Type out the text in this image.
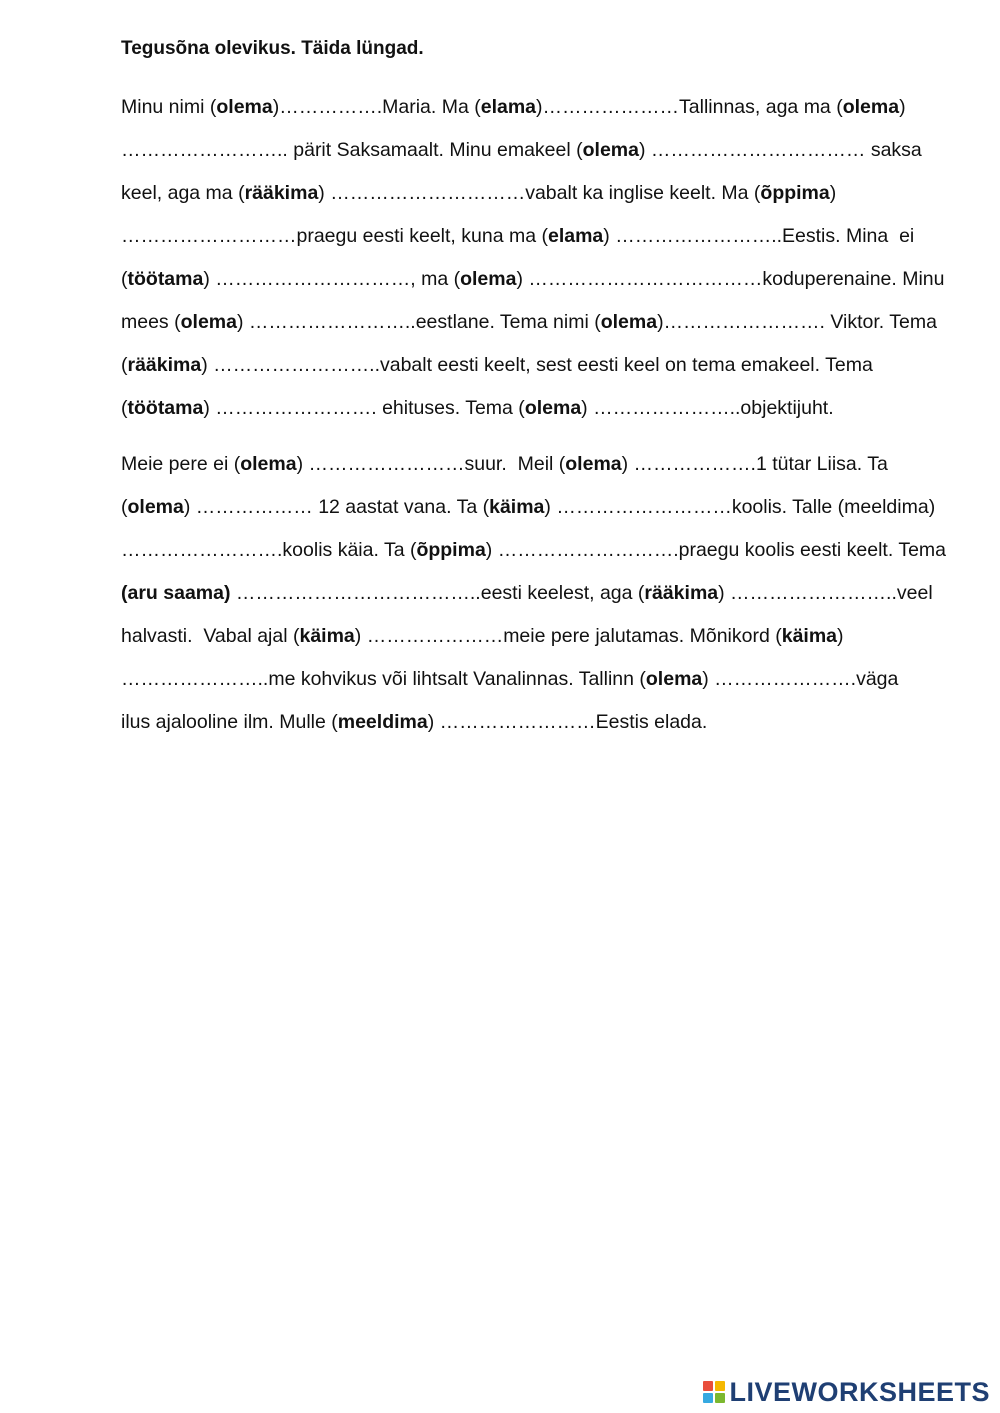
Tegusõna olevikus. Täida lüngad.
Minu nimi (olema)…………….Maria. Ma (elama)…………………Tallinnas, aga ma (olema)
…………………….. pärit Saksamaalt. Minu emakeel (olema) …………………………… saksa
keel, aga ma (rääkima) …………………………vabalt ka inglise keelt. Ma (õppima)
………………………praegu eesti keelt, kuna ma (elama) ……………………..Eestis. Mina  ei
(töötama) …………………………, ma (olema) ………………………………koduperenaine. Minu
mees (olema) ……………………..eestlane. Tema nimi (olema)……………………. Viktor. Tema
(rääkima) ……………………..vabalt eesti keelt, sest eesti keel on tema emakeel. Tema
(töötama) ……………………. ehituses. Tema (olema) …………………..objektijuht.
Meie pere ei (olema) ……………………suur.  Meil (olema) ……………….1 tütar Liisa. Ta
(olema) ……………… 12 aastat vana. Ta (käima) ………………………koolis. Talle (meeldima)
…………………….koolis käia. Ta (õppima) ……………………….praegu koolis eesti keelt. Tema
(aru saama) ………………………………..eesti keelest, aga (rääkima) ……………………..veel
halvasti.  Vabal ajal (käima) …………………meie pere jalutamas. Mõnikord (käima)
…………………..me kohvikus või lihtsalt Vanalinnas. Tallinn (olema) ………………….väga
ilus ajalooline ilm. Mulle (meeldima) ……………………Eestis elada.
LIVEWORKSHEETS
